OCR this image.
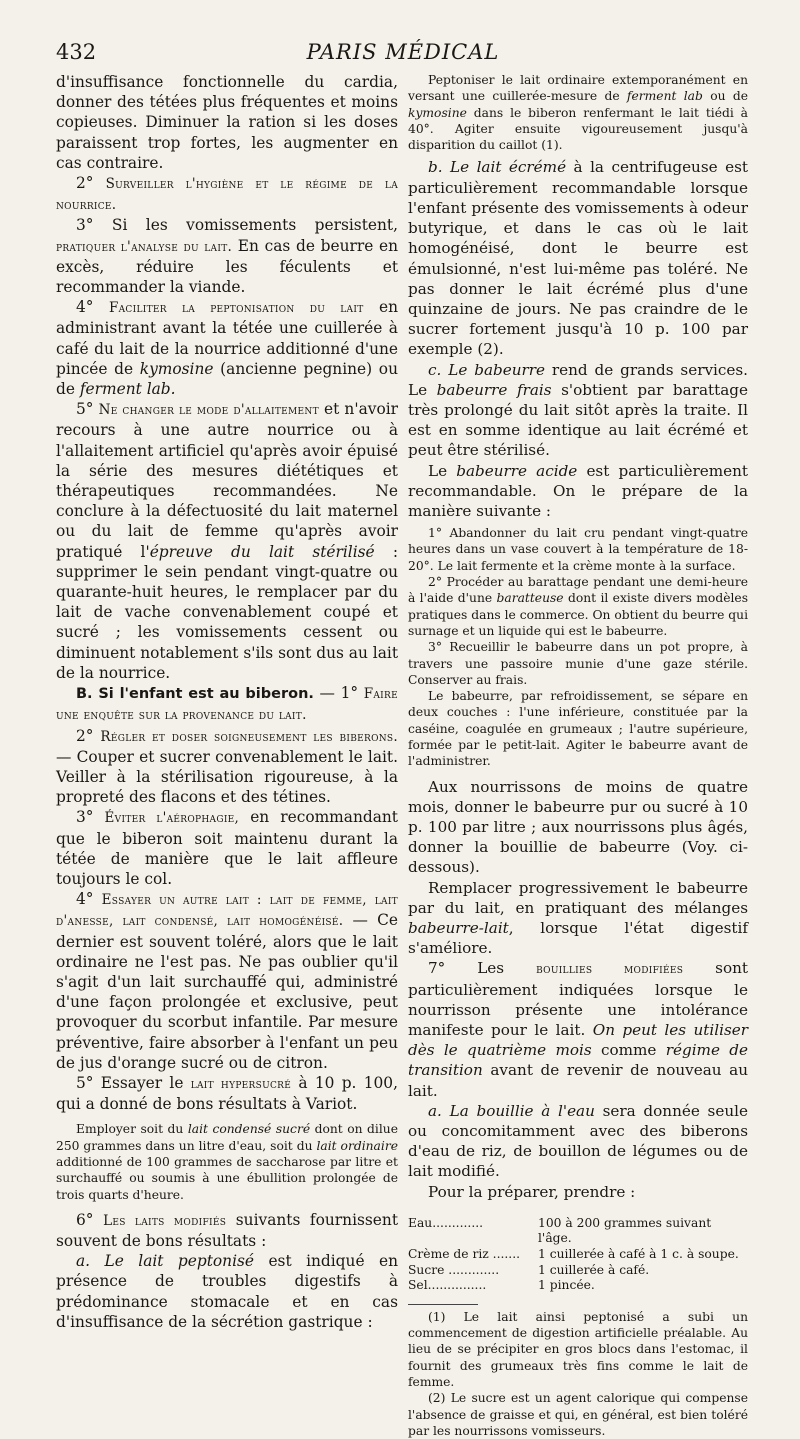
PARIS MÉDICAL
432

d'insuffisance fonctionnelle du cardia, donner des tétées plus fréquentes et moins copieuses. Diminuer la ration si les doses paraissent trop fortes, les augmenter en cas contraire.

2° Surveiller l'hygiène et le régime de la nourrice.

3° Si les vomissements persistent, pratiquer l'analyse du lait. En cas de beurre en excès, réduire les féculents et recommander la viande.

4° Faciliter la peptonisation du lait en administrant avant la tétée une cuillerée à café du lait de la nourrice additionné d'une pincée de kymosine (ancienne pegnine) ou de ferment lab.

5° Ne changer le mode d'allaitement et n'avoir recours à une autre nourrice ou à l'allaitement artificiel qu'après avoir épuisé la série des mesures diététiques et thérapeutiques recommandées. Ne conclure à la défectuosité du lait maternel ou du lait de femme qu'après avoir pratiqué l'épreuve du lait stérilisé : supprimer le sein pendant vingt-quatre ou quarante-huit heures, le remplacer par du lait de vache convenablement coupé et sucré ; les vomissements cessent ou diminuent notablement s'ils sont dus au lait de la nourrice.

B. Si l'enfant est au biberon. — 1° Faire une enquête sur la provenance du lait.

2° Régler et doser soigneusement les biberons. — Couper et sucrer convenablement le lait. Veiller à la stérilisation rigoureuse, à la propreté des flacons et des tétines.

3° Éviter l'aérophagie, en recommandant que le biberon soit maintenu durant la tétée de manière que le lait affleure toujours le col.

4° Essayer un autre lait : lait de femme, lait d'anesse, lait condensé, lait homogénéisé. — Ce dernier est souvent toléré, alors que le lait ordinaire ne l'est pas. Ne pas oublier qu'il s'agit d'un lait surchauffé qui, administré d'une façon prolongée et exclusive, peut provoquer du scorbut infantile. Par mesure préventive, faire absorber à l'enfant un peu de jus d'orange sucré ou de citron.

5° Essayer le lait hypersucré à 10 p. 100, qui a donné de bons résultats à Variot.

Employer soit du lait condensé sucré dont on dilue 250 grammes dans un litre d'eau, soit du lait ordinaire additionné de 100 grammes de saccharose par litre et surchauffé ou soumis à une ébullition prolongée de trois quarts d'heure.

6° Les laits modifiés suivants fournissent souvent de bons résultats :

a. Le lait peptonisé est indiqué en présence de troubles digestifs à prédominance stomacale et en cas d'insuffisance de la sécrétion gastrique :

Peptoniser le lait ordinaire extemporanément en versant une cuillerée-mesure de ferment lab ou de kymosine dans le biberon renfermant le lait tiédi à 40°. Agiter ensuite vigoureusement jusqu'à disparition du caillot (1).

b. Le lait écrémé à la centrifugeuse est particulièrement recommandable lorsque l'enfant présente des vomissements à odeur butyrique, et dans le cas où le lait homogénéisé, dont le beurre est émulsionné, n'est lui-même pas toléré. Ne pas donner le lait écrémé plus d'une quinzaine de jours. Ne pas craindre de le sucrer fortement jusqu'à 10 p. 100 par exemple (2).

c. Le babeurre rend de grands services. Le babeurre frais s'obtient par barattage très prolongé du lait sitôt après la traite. Il est en somme identique au lait écrémé et peut être stérilisé.

Le babeurre acide est particulièrement recommandable. On le prépare de la manière suivante :

1° Abandonner du lait cru pendant vingt-quatre heures dans un vase couvert à la température de 18-20°. Le lait fermente et la crème monte à la surface.

2° Procéder au barattage pendant une demi-heure à l'aide d'une baratteuse dont il existe divers modèles pratiques dans le commerce. On obtient du beurre qui surnage et un liquide qui est le babeurre.

3° Recueillir le babeurre dans un pot propre, à travers une passoire munie d'une gaze stérile. Conserver au frais.

Le babeurre, par refroidissement, se sépare en deux couches : l'une inférieure, constituée par la caséine, coagulée en grumeaux ; l'autre supérieure, formée par le petit-lait. Agiter le babeurre avant de l'administrer.

Aux nourrissons de moins de quatre mois, donner le babeurre pur ou sucré à 10 p. 100 par litre ; aux nourrissons plus âgés, donner la bouillie de babeurre (Voy. ci-dessous).

Remplacer progressivement le babeurre par du lait, en pratiquant des mélanges babeurre-lait, lorsque l'état digestif s'améliore.

7° Les bouillies modifiées sont particulièrement indiquées lorsque le nourrisson présente une intolérance manifeste pour le lait. On peut les utiliser dès le quatrième mois comme régime de transition avant de revenir de nouveau au lait.

a. La bouillie à l'eau sera donnée seule ou concomitamment avec des biberons d'eau de riz, de bouillon de légumes ou de lait modifié.

Pour la préparer, prendre :

Eau.............	100 à 200 grammes suivant l'âge.
Crème de riz .......	1 cuillerée à café à 1 c. à soupe.
Sucre .............	1 cuillerée à café.
Sel...............	1 pincée.

(1) Le lait ainsi peptonisé a subi un commencement de digestion artificielle préalable. Au lieu de se précipiter en gros blocs dans l'estomac, il fournit des grumeaux très fins comme le lait de femme.

(2) Le sucre est un agent calorique qui compense l'absence de graisse et qui, en général, est bien toléré par les nourrissons vomisseurs.
